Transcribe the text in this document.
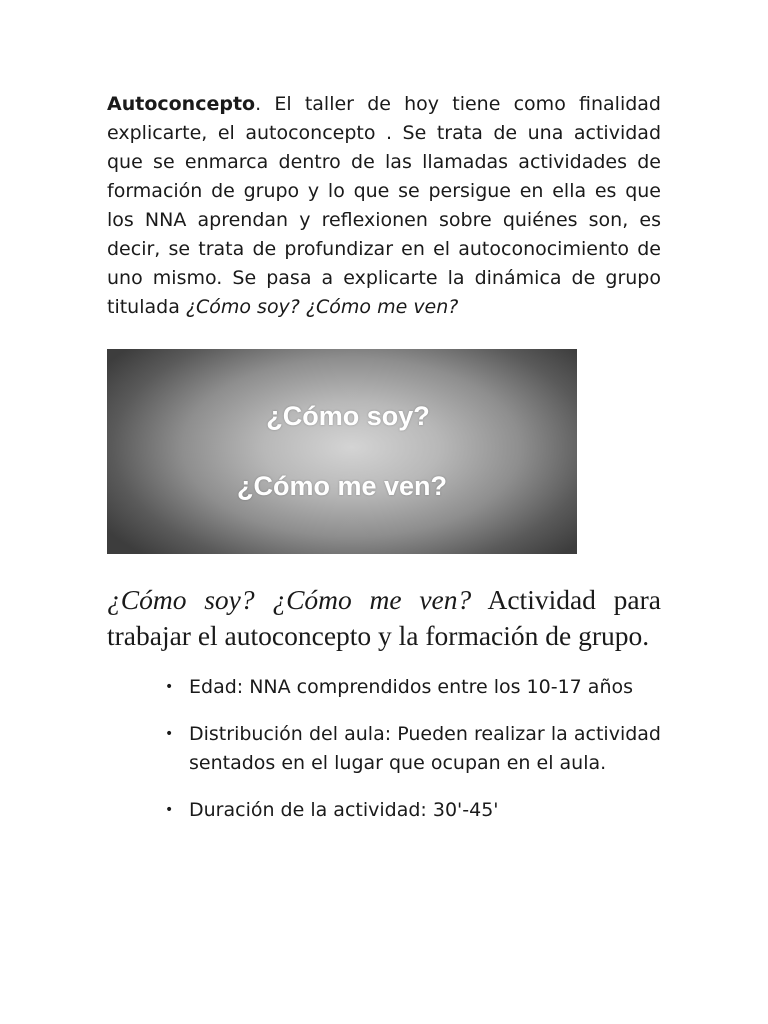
Autoconcepto. El taller de hoy tiene como finalidad explicarte, el autoconcepto . Se trata de una actividad que se enmarca dentro de las llamadas actividades de formación de grupo y lo que se persigue en ella es que los NNA aprendan y reflexionen sobre quiénes son, es decir, se trata de profundizar en el autoconocimiento de uno mismo. Se pasa a explicarte la dinámica de grupo titulada ¿Cómo soy? ¿Cómo me ven?

¿Cómo soy?
¿Cómo me ven?
¿Cómo soy? ¿Cómo me ven? Actividad para trabajar el autoconcepto y la formación de grupo.
• Edad: NNA comprendidos entre los 10-17 años
• Distribución del aula: Pueden realizar la actividad sentados en el lugar que ocupan en el aula.
• Duración de la actividad: 30'-45'
